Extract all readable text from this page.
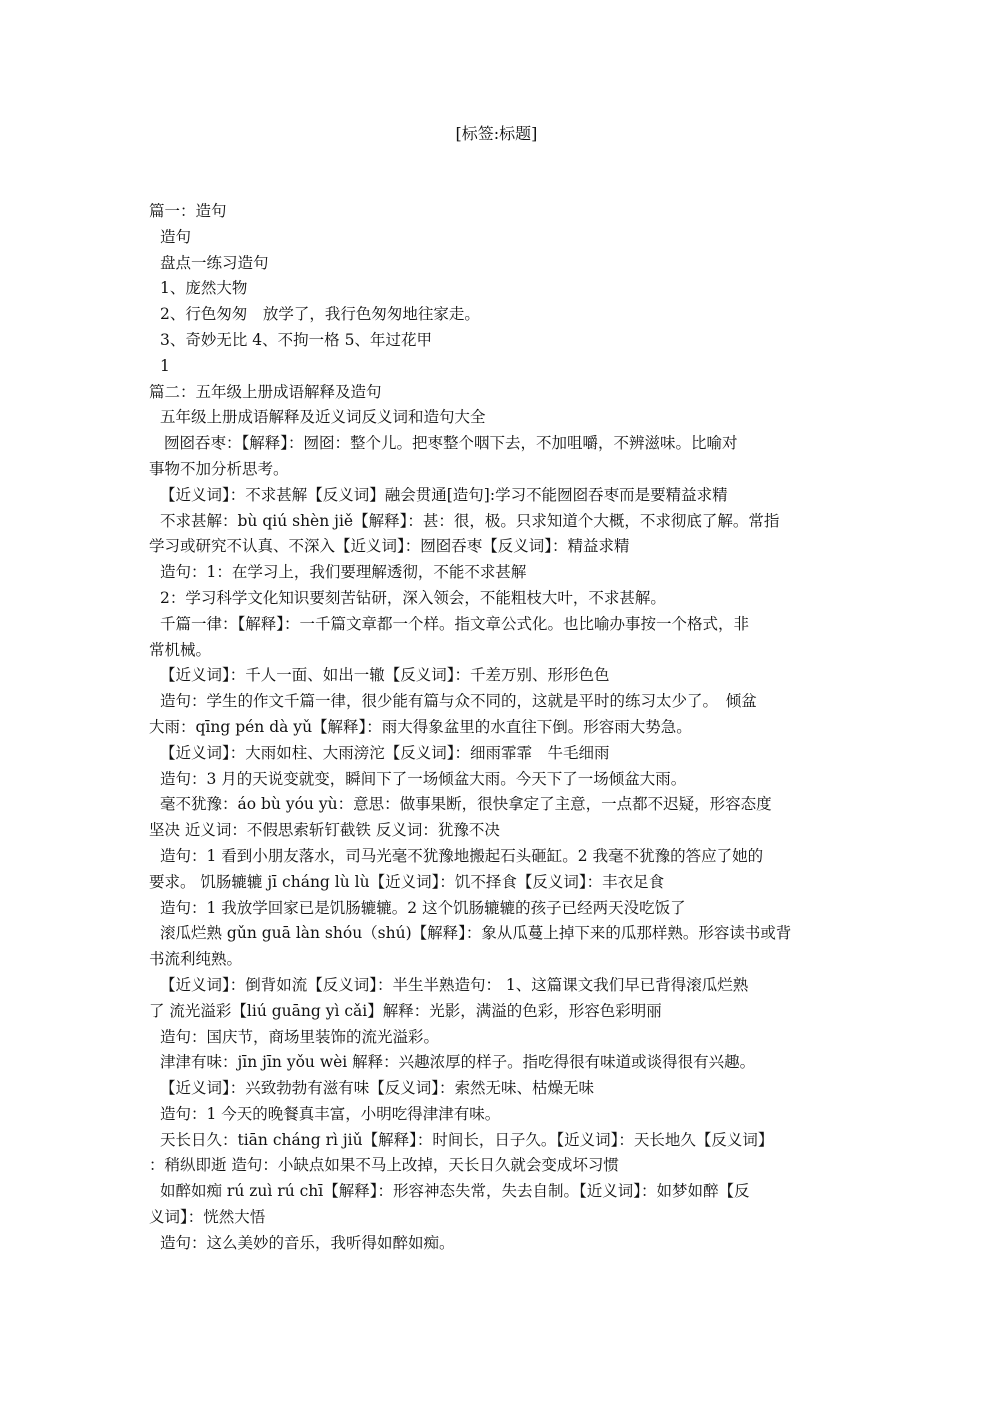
[标签:标题]
篇一：造句
造句
盘点一练习造句
1、庞然大物
2、行色匆匆　放学了，我行色匆匆地往家走。
3、奇妙无比 4、不拘一格 5、年过花甲
1
篇二：五年级上册成语解释及造句
五年级上册成语解释及近义词反义词和造句大全
囫囵吞枣：【解释】：囫囵：整个儿。把枣整个咽下去，不加咀嚼，不辨滋味。比喻对
事物不加分析思考。
【近义词】：不求甚解【反义词】融会贯通[造句]:学习不能囫囵吞枣而是要精益求精
不求甚解：bù qiú shèn jiě【解释】：甚：很，极。只求知道个大概，不求彻底了解。常指
学习或研究不认真、不深入【近义词】：囫囵吞枣【反义词】：精益求精
造句：1：在学习上，我们要理解透彻，不能不求甚解
2：学习科学文化知识要刻苦钻研，深入领会，不能粗枝大叶，不求甚解。
千篇一律：【解释】：一千篇文章都一个样。指文章公式化。也比喻办事按一个格式，非
常机械。
【近义词】：千人一面、如出一辙【反义词】：千差万别、形形色色
造句：学生的作文千篇一律，很少能有篇与众不同的，这就是平时的练习太少了。　倾盆
大雨：qīng pén dà yǔ【解释】：雨大得象盆里的水直往下倒。形容雨大势急。
【近义词】：大雨如柱、大雨滂沱【反义词】：细雨霏霏　牛毛细雨
造句：3 月的天说变就变，瞬间下了一场倾盆大雨。今天下了一场倾盆大雨。
毫不犹豫：áo bù yóu yù：意思：做事果断，很快拿定了主意，一点都不迟疑，形容态度
坚决 近义词：不假思索斩钉截铁 反义词：犹豫不决
造句：1 看到小朋友落水，司马光毫不犹豫地搬起石头砸缸。2 我毫不犹豫的答应了她的
要求。 饥肠辘辘 jī cháng lù lù【近义词】：饥不择食【反义词】：丰衣足食
造句：1 我放学回家已是饥肠辘辘。2 这个饥肠辘辘的孩子已经两天没吃饭了
滚瓜烂熟 gǔn guā làn shóu（shú)【解释】：象从瓜蔓上掉下来的瓜那样熟。形容读书或背
书流利纯熟。
【近义词】：倒背如流【反义词】：半生半熟造句： 1、这篇课文我们早已背得滚瓜烂熟
了 流光溢彩【liú guāng yì cǎi】解释：光影，满溢的色彩，形容色彩明丽
造句：国庆节，商场里装饰的流光溢彩。
津津有味：jīn jīn yǒu wèi 解释：兴趣浓厚的样子。指吃得很有味道或谈得很有兴趣。
【近义词】：兴致勃勃有滋有味【反义词】：索然无味、枯燥无味
造句：1 今天的晚餐真丰富，小明吃得津津有味。
天长日久：tiān cháng rì jiǔ【解释】：时间长，日子久。【近义词】：天长地久【反义词】
：稍纵即逝 造句：小缺点如果不马上改掉，天长日久就会变成坏习惯
如醉如痴 rú zuì rú chī【解释】：形容神态失常，失去自制。【近义词】：如梦如醉【反
义词】：恍然大悟
造句：这么美妙的音乐，我听得如醉如痴。
